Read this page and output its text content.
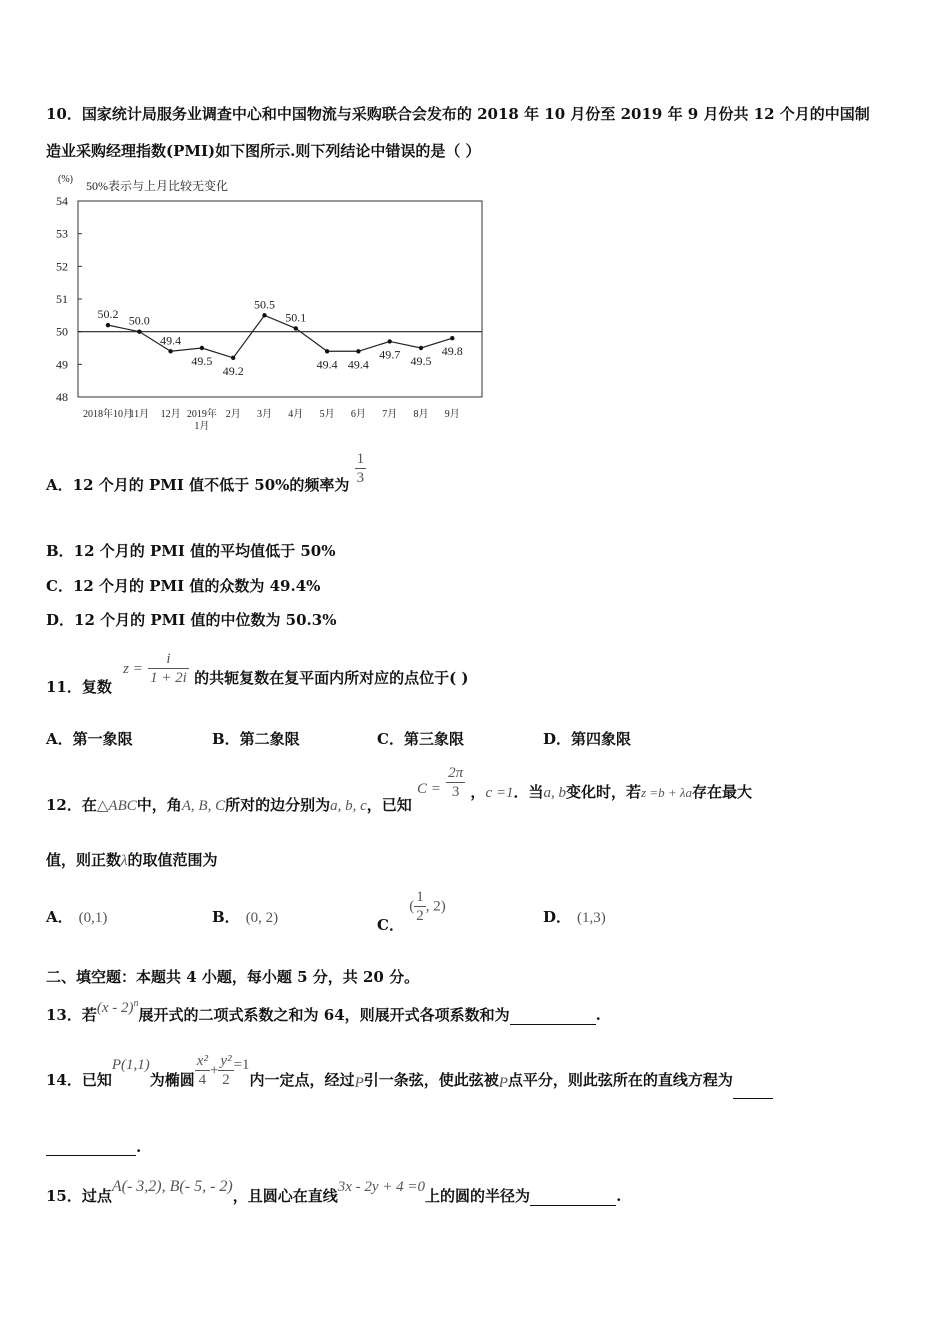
10．国家统计局服务业调查中心和中国物流与采购联合会发布的 2018 年 10 月份至 2019 年 9 月份共 12 个月的中国制
造业采购经理指数(PMI)如下图所示.则下列结论中错误的是（ ）
(%) 50%表示与上月比较无变化
54
53
52
51
50
49
48
50.2 50.0
49.4
49.5
49.2
50.5
50.1
49.4 49.4
49.7 49.5
49.8
2018年10月
11月 12月 2019年 2月 3月 4月 5月 6月 7月 8月 9月
1月
A．12 个月的 PMI 值不低于 50%的频率为 $\frac{1}{3}$
B．12 个月的 PMI 值的平均值低于 50%
C．12 个月的 PMI 值的众数为 49.4%
D．12 个月的 PMI 值的中位数为 50.3%
11．复数 $z = \frac{i}{1 + 2i}$ 的共轭复数在复平面内所对应的点位于( )
A．第一象限	B．第二象限	C．第三象限	D．第四象限
12．在△ABC中，角A, B, C所对的边分别为a, b, c，已知 $C = \frac{2\pi}{3}$ ，c =1．当a, b变化时，若z =b + λa存在最大
值，则正数λ的取值范围为
A． (0,1)	B． (0, 2)	C． ( $\frac{1}{2}$ , 2)
D． (1,3)
二、填空题：本题共 4 小题，每小题 5 分，共 20 分。
13．若(x - 2)$^n$展开式的二项式系数之和为 64，则展开式各项系数和为	.
14．已知P(1,1)为椭圆 $\frac{\text{x²}}{4} + \frac{\text{y²}}{2} =1$内一定点，经过P引一条弦，使此弦被P点平分，则此弦所在的直线方程为
.
15．过点A(- 3,2), B(- 5, - 2)，且圆心在直线3x - 2y + 4 =0上的圆的半径为	.
